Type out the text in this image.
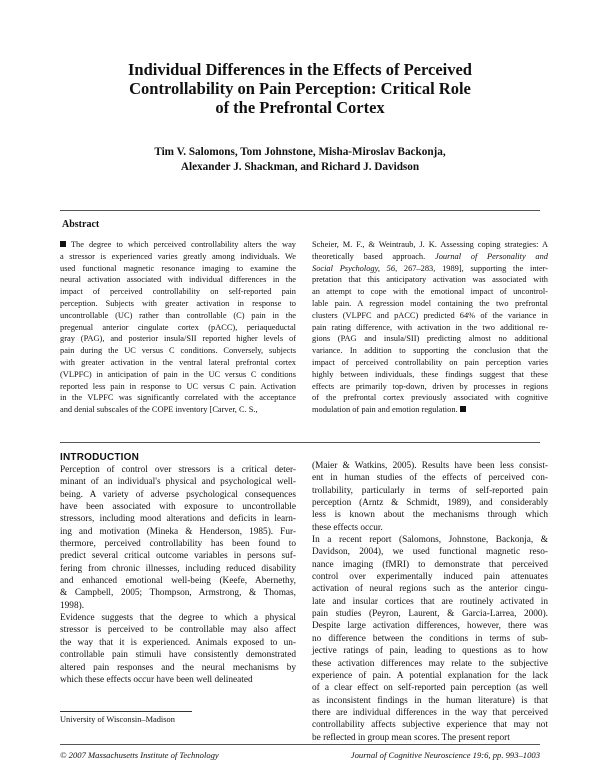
Individual Differences in the Effects of Perceived
Controllability on Pain Perception: Critical Role
of the Prefrontal Cortex
Tim V. Salomons, Tom Johnstone, Misha-Miroslav Backonja,
Alexander J. Shackman, and Richard J. Davidson
Abstract
The degree to which perceived controllability alters the way
a stressor is experienced varies greatly among individuals. We
used functional magnetic resonance imaging to examine the
neural activation associated with individual differences in the
impact of perceived controllability on self-reported pain
perception. Subjects with greater activation in response to
uncontrollable (UC) rather than controllable (C) pain in the
pregenual anterior cingulate cortex (pACC), periaqueductal
gray (PAG), and posterior insula/SII reported higher levels of
pain during the UC versus C conditions. Conversely, subjects
with greater activation in the ventral lateral prefrontal cortex
(VLPFC) in anticipation of pain in the UC versus C conditions
reported less pain in response to UC versus C pain. Activation
in the VLPFC was significantly correlated with the acceptance
and denial subscales of the COPE inventory [Carver, C. S.,
Scheier, M. F., & Weintraub, J. K. Assessing coping strategies: A
theoretically based approach. Journal of Personality and
Social Psychology, 56, 267–283, 1989], supporting the inter-
pretation that this anticipatory activation was associated with
an attempt to cope with the emotional impact of uncontrol-
lable pain. A regression model containing the two prefrontal
clusters (VLPFC and pACC) predicted 64% of the variance in
pain rating difference, with activation in the two additional re-
gions (PAG and insula/SII) predicting almost no additional
variance. In addition to supporting the conclusion that the
impact of perceived controllability on pain perception varies
highly between individuals, these findings suggest that these
effects are primarily top-down, driven by processes in regions
of the prefrontal cortex previously associated with cognitive
modulation of pain and emotion regulation.
INTRODUCTION
Perception of control over stressors is a critical deter-
minant of an individual's physical and psychological well-
being. A variety of adverse psychological consequences
have been associated with exposure to uncontrollable
stressors, including mood alterations and deficits in learn-
ing and motivation (Mineka & Henderson, 1985). Fur-
thermore, perceived controllability has been found to
predict several critical outcome variables in persons suf-
fering from chronic illnesses, including reduced disability
and enhanced emotional well-being (Keefe, Abernethy,
& Campbell, 2005; Thompson, Armstrong, & Thomas,
1998).
Evidence suggests that the degree to which a physical
stressor is perceived to be controllable may also affect
the way that it is experienced. Animals exposed to un-
controllable pain stimuli have consistently demonstrated
altered pain responses and the neural mechanisms by
which these effects occur have been well delineated
(Maier & Watkins, 2005). Results have been less consist-
ent in human studies of the effects of perceived con-
trollability, particularly in terms of self-reported pain
perception (Arntz & Schmidt, 1989), and considerably
less is known about the mechanisms through which
these effects occur.
In a recent report (Salomons, Johnstone, Backonja, &
Davidson, 2004), we used functional magnetic reso-
nance imaging (fMRI) to demonstrate that perceived
control over experimentally induced pain attenuates
activation of neural regions such as the anterior cingu-
late and insular cortices that are routinely activated in
pain studies (Peyron, Laurent, & Garcia-Larrea, 2000).
Despite large activation differences, however, there was
no difference between the conditions in terms of sub-
jective ratings of pain, leading to questions as to how
these activation differences may relate to the subjective
experience of pain. A potential explanation for the lack
of a clear effect on self-reported pain perception (as well
as inconsistent findings in the human literature) is that
there are individual differences in the way that perceived
controllability affects subjective experience that may not
be reflected in group mean scores. The present report
University of Wisconsin–Madison
© 2007 Massachusetts Institute of Technology	Journal of Cognitive Neuroscience 19:6, pp. 993–1003
